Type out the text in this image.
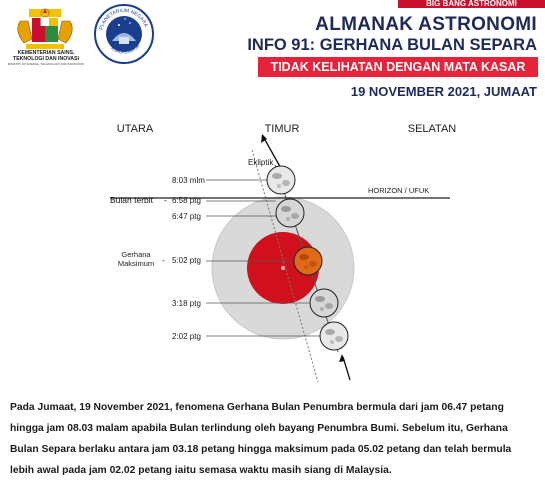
BIG BANG ASTRONOMI
KEMENTERIAN SAINS,
TEKNOLOGI DAN INOVASI
MINISTRY OF SCIENCE, TECHNOLOGY AND INNOVATION
PLANETARIUM NEGARA
KUALA LUMPUR
ALMANAK ASTRONOMI
INFO 91: GERHANA BULAN SEPARA
TIDAK KELIHATAN DENGAN MATA KASAR
19 NOVEMBER 2021, JUMAAT
UTARA	TIMUR	SELATAN
Ekliptik
HORIZON / UFUK
8:03 mlm
Bulan terbit - 6:58 ptg
6:47 ptg
Gerhana
Maksimum - 5:02 ptg
3:18 ptg
2:02 ptg
Pada Jumaat, 19 November 2021, fenomena Gerhana Bulan Penumbra bermula dari jam 06.47 petang hingga jam 08.03 malam apabila Bulan terlindung oleh bayang Penumbra Bumi. Sebelum itu, Gerhana Bulan Separa berlaku antara jam 03.18 petang hingga maksimum pada 05.02 petang dan telah bermula lebih awal pada jam 02.02 petang iaitu semasa waktu masih siang di Malaysia.
